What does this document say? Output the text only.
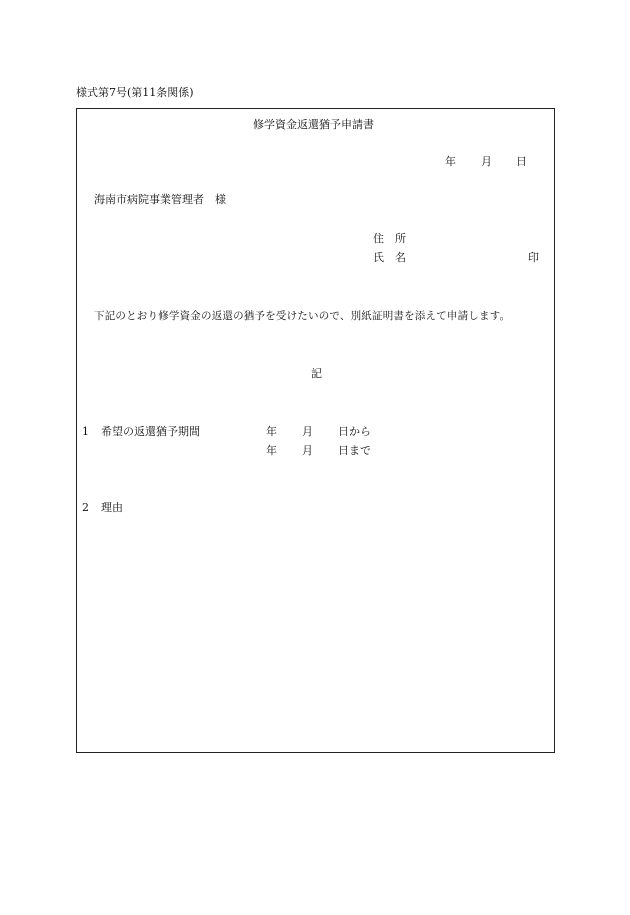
様式第7号(第11条関係)
修学資金返還猶予申請書
年 月 日
海南市病院事業管理者　様
住　所
氏　名	印
下記のとおり修学資金の返還の猶予を受けたいので、別紙証明書を添えて申請します。
記
1 希望の返還猶予期間	年 月 日から
年 月 日まで
2 理由
